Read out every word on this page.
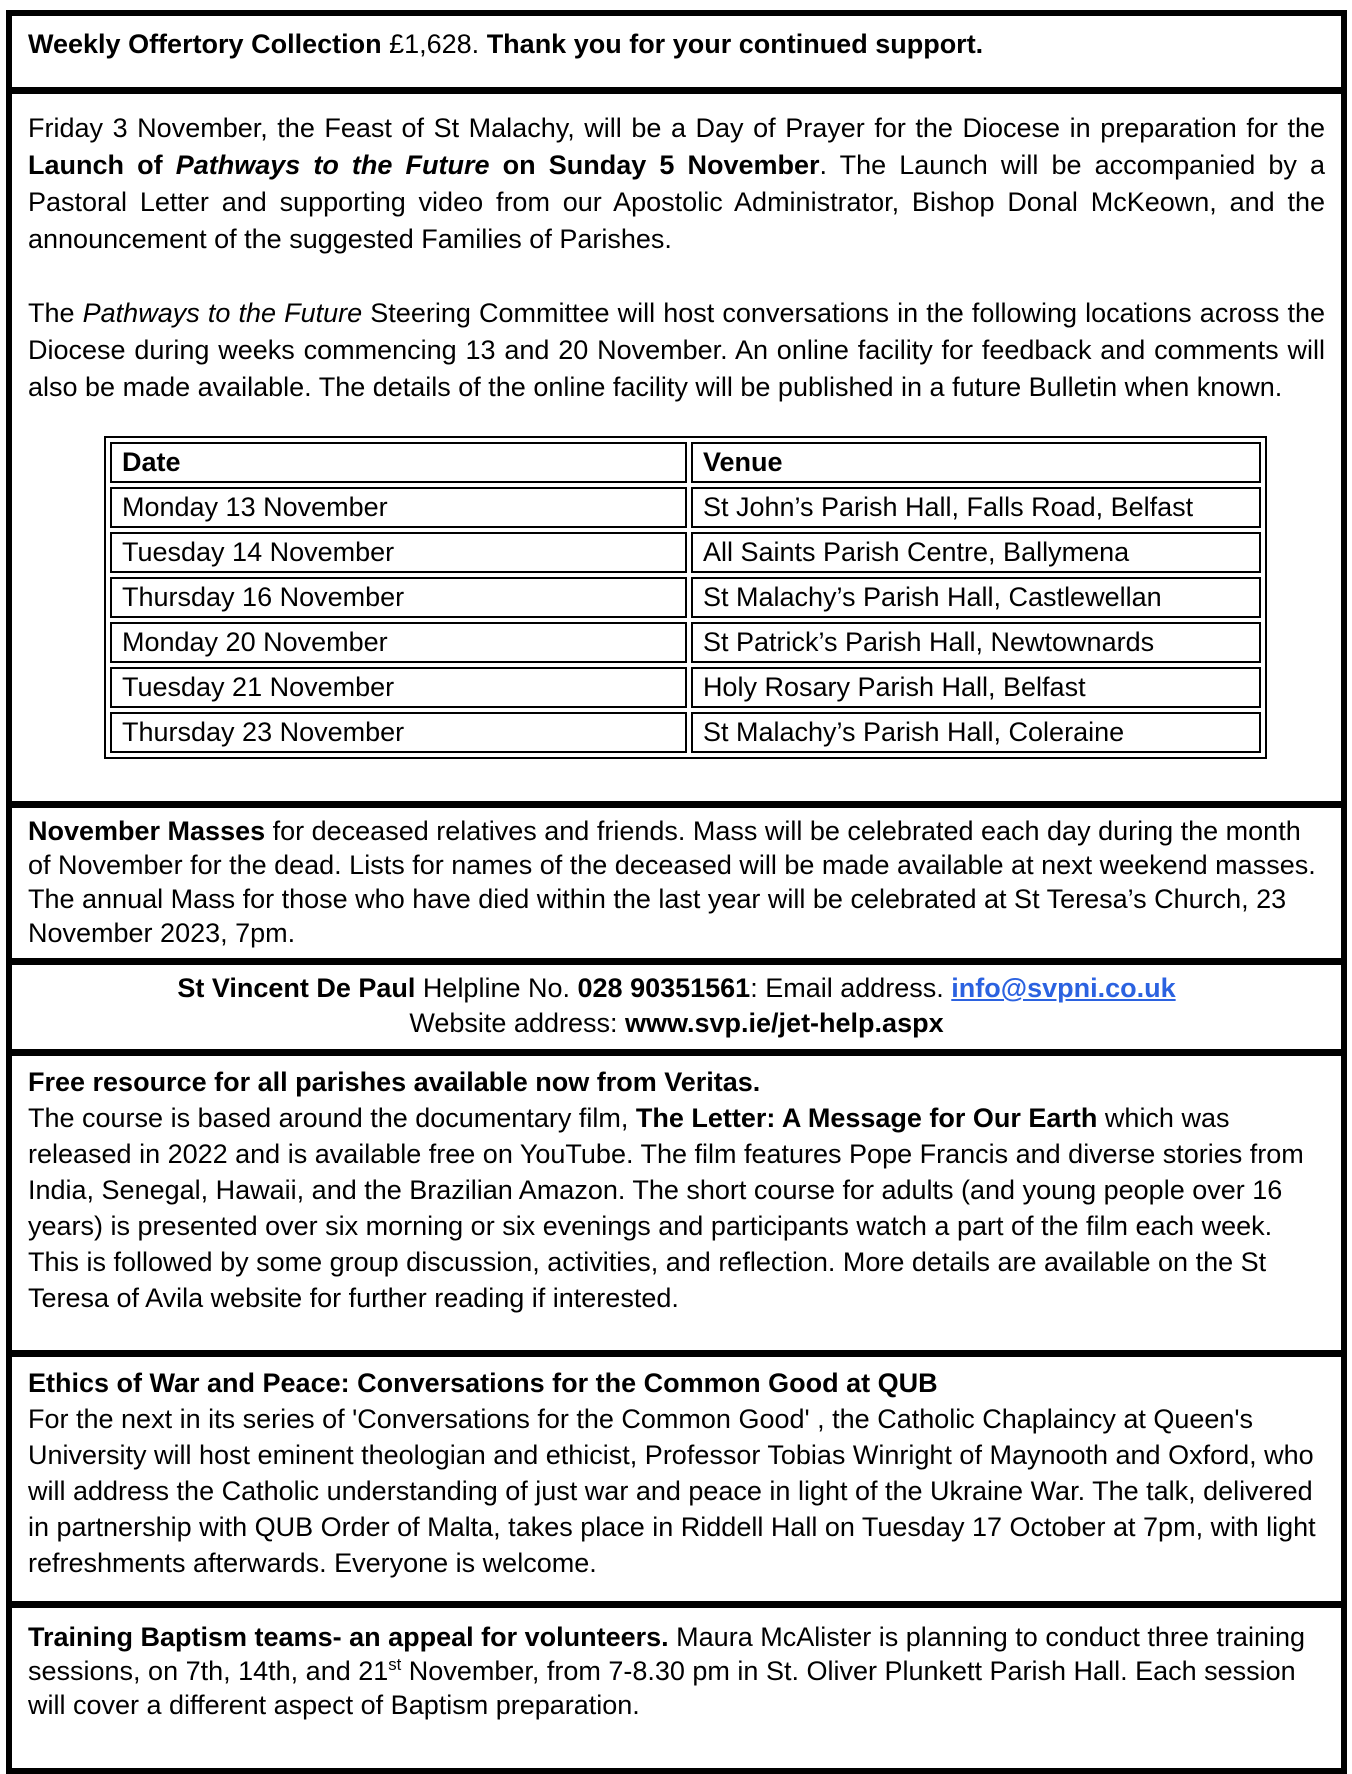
Weekly Offertory Collection £1,628. Thank you for your continued support.

Friday 3 November, the Feast of St Malachy, will be a Day of Prayer for the Diocese in preparation for the Launch of Pathways to the Future on Sunday 5 November. The Launch will be accompanied by a Pastoral Letter and supporting video from our Apostolic Administrator, Bishop Donal McKeown, and the announcement of the suggested Families of Parishes.

The Pathways to the Future Steering Committee will host conversations in the following locations across the Diocese during weeks commencing 13 and 20 November. An online facility for feedback and comments will also be made available. The details of the online facility will be published in a future Bulletin when known.

Date	Venue
Monday 13 November	St John’s Parish Hall, Falls Road, Belfast
Tuesday 14 November	All Saints Parish Centre, Ballymena
Thursday 16 November	St Malachy’s Parish Hall, Castlewellan
Monday 20 November	St Patrick’s Parish Hall, Newtownards
Tuesday 21 November	Holy Rosary Parish Hall, Belfast
Thursday 23 November	St Malachy’s Parish Hall, Coleraine

November Masses for deceased relatives and friends. Mass will be celebrated each day during the month of November for the dead. Lists for names of the deceased will be made available at next weekend masses. The annual Mass for those who have died within the last year will be celebrated at St Teresa’s Church, 23 November 2023, 7pm.

St Vincent De Paul Helpline No. 028 90351561: Email address. info@svpni.co.uk

Website address: www.svp.ie/jet-help.aspx

Free resource for all parishes available now from Veritas.

The course is based around the documentary film, The Letter: A Message for Our Earth which was released in 2022 and is available free on YouTube. The film features Pope Francis and diverse stories from India, Senegal, Hawaii, and the Brazilian Amazon. The short course for adults (and young people over 16 years) is presented over six morning or six evenings and participants watch a part of the film each week. This is followed by some group discussion, activities, and reflection. More details are available on the St Teresa of Avila website for further reading if interested.

Ethics of War and Peace: Conversations for the Common Good at QUB

For the next in its series of 'Conversations for the Common Good' , the Catholic Chaplaincy at Queen's University will host eminent theologian and ethicist, Professor Tobias Winright of Maynooth and Oxford, who will address the Catholic understanding of just war and peace in light of the Ukraine War. The talk, delivered in partnership with QUB Order of Malta, takes place in Riddell Hall on Tuesday 17 October at 7pm, with light refreshments afterwards. Everyone is welcome.

Training Baptism teams- an appeal for volunteers. Maura McAlister is planning to conduct three training sessions, on 7th, 14th, and 21st November, from 7-8.30 pm in St. Oliver Plunkett Parish Hall. Each session will cover a different aspect of Baptism preparation.
